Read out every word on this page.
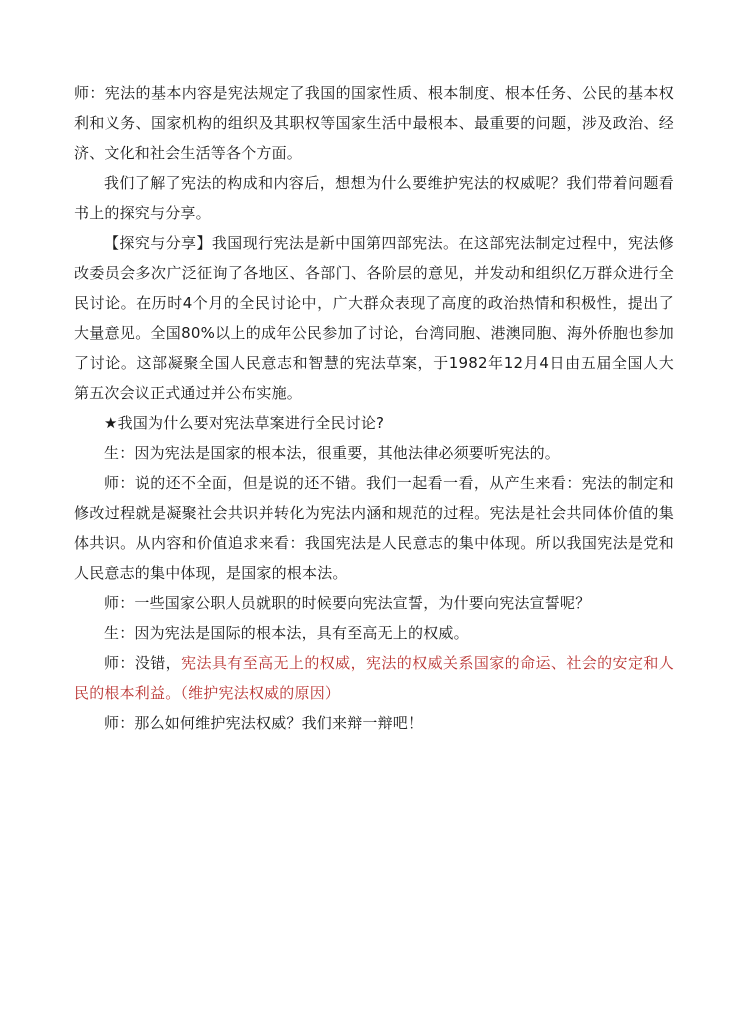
师：宪法的基本内容是宪法规定了我国的国家性质、根本制度、根本任务、公民的基本权利和义务、国家机构的组织及其职权等国家生活中最根本、最重要的问题，涉及政治、经济、文化和社会生活等各个方面。

我们了解了宪法的构成和内容后，想想为什么要维护宪法的权威呢？我们带着问题看书上的探究与分享。

【探究与分享】我国现行宪法是新中国第四部宪法。在这部宪法制定过程中，宪法修改委员会多次广泛征询了各地区、各部门、各阶层的意见，并发动和组织亿万群众进行全民讨论。在历时4个月的全民讨论中，广大群众表现了高度的政治热情和积极性，提出了大量意见。全国80%以上的成年公民参加了讨论，台湾同胞、港澳同胞、海外侨胞也参加了讨论。这部凝聚全国人民意志和智慧的宪法草案，于1982年12月4日由五届全国人大第五次会议正式通过并公布实施。

★我国为什么要对宪法草案进行全民讨论?

生：因为宪法是国家的根本法，很重要，其他法律必须要听宪法的。

师：说的还不全面，但是说的还不错。我们一起看一看，从产生来看：宪法的制定和修改过程就是凝聚社会共识并转化为宪法内涵和规范的过程。宪法是社会共同体价值的集体共识。从内容和价值追求来看：我国宪法是人民意志的集中体现。所以我国宪法是党和人民意志的集中体现，是国家的根本法。

师：一些国家公职人员就职的时候要向宪法宣誓，为什要向宪法宣誓呢？

生：因为宪法是国际的根本法，具有至高无上的权威。

师：没错，宪法具有至高无上的权威，宪法的权威关系国家的命运、社会的安定和人民的根本利益。（维护宪法权威的原因）

师：那么如何维护宪法权威？我们来辩一辩吧！
